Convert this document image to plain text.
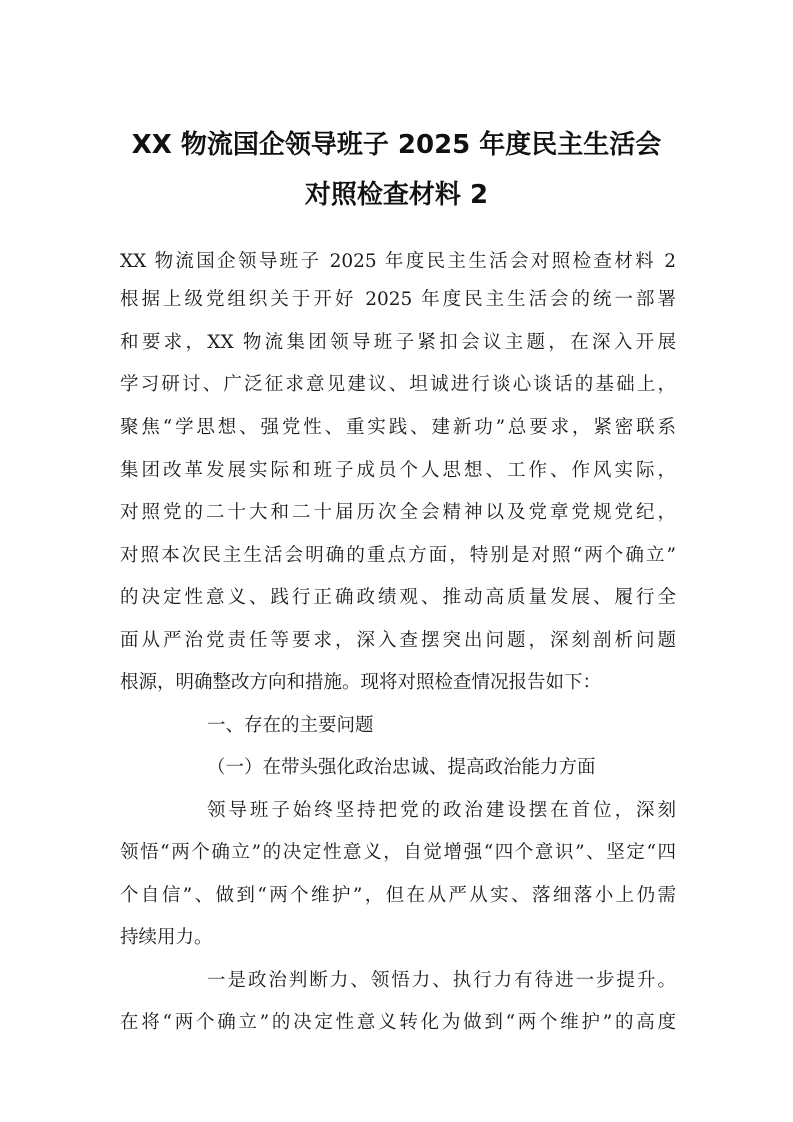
XX 物流国企领导班子 2025 年度民主生活会
对照检查材料 2
XX 物流国企领导班子 2025 年度民主生活会对照检查材料 2
根据上级党组织关于开好 2025 年度民主生活会的统一部署
和要求，XX 物流集团领导班子紧扣会议主题，在深入开展
学习研讨、广泛征求意见建议、坦诚进行谈心谈话的基础上，
聚焦“学思想、强党性、重实践、建新功”总要求，紧密联系
集团改革发展实际和班子成员个人思想、工作、作风实际，
对照党的二十大和二十届历次全会精神以及党章党规党纪，
对照本次民主生活会明确的重点方面，特别是对照“两个确立”
的决定性意义、践行正确政绩观、推动高质量发展、履行全
面从严治党责任等要求，深入查摆突出问题，深刻剖析问题
根源，明确整改方向和措施。现将对照检查情况报告如下：
一、存在的主要问题
（一）在带头强化政治忠诚、提高政治能力方面
领导班子始终坚持把党的政治建设摆在首位，深刻
领悟“两个确立”的决定性意义，自觉增强“四个意识”、坚定“四
个自信”、做到“两个维护”，但在从严从实、落细落小上仍需
持续用力。
一是政治判断力、领悟力、执行力有待进一步提升。
在将“两个确立”的决定性意义转化为做到“两个维护”的高度
